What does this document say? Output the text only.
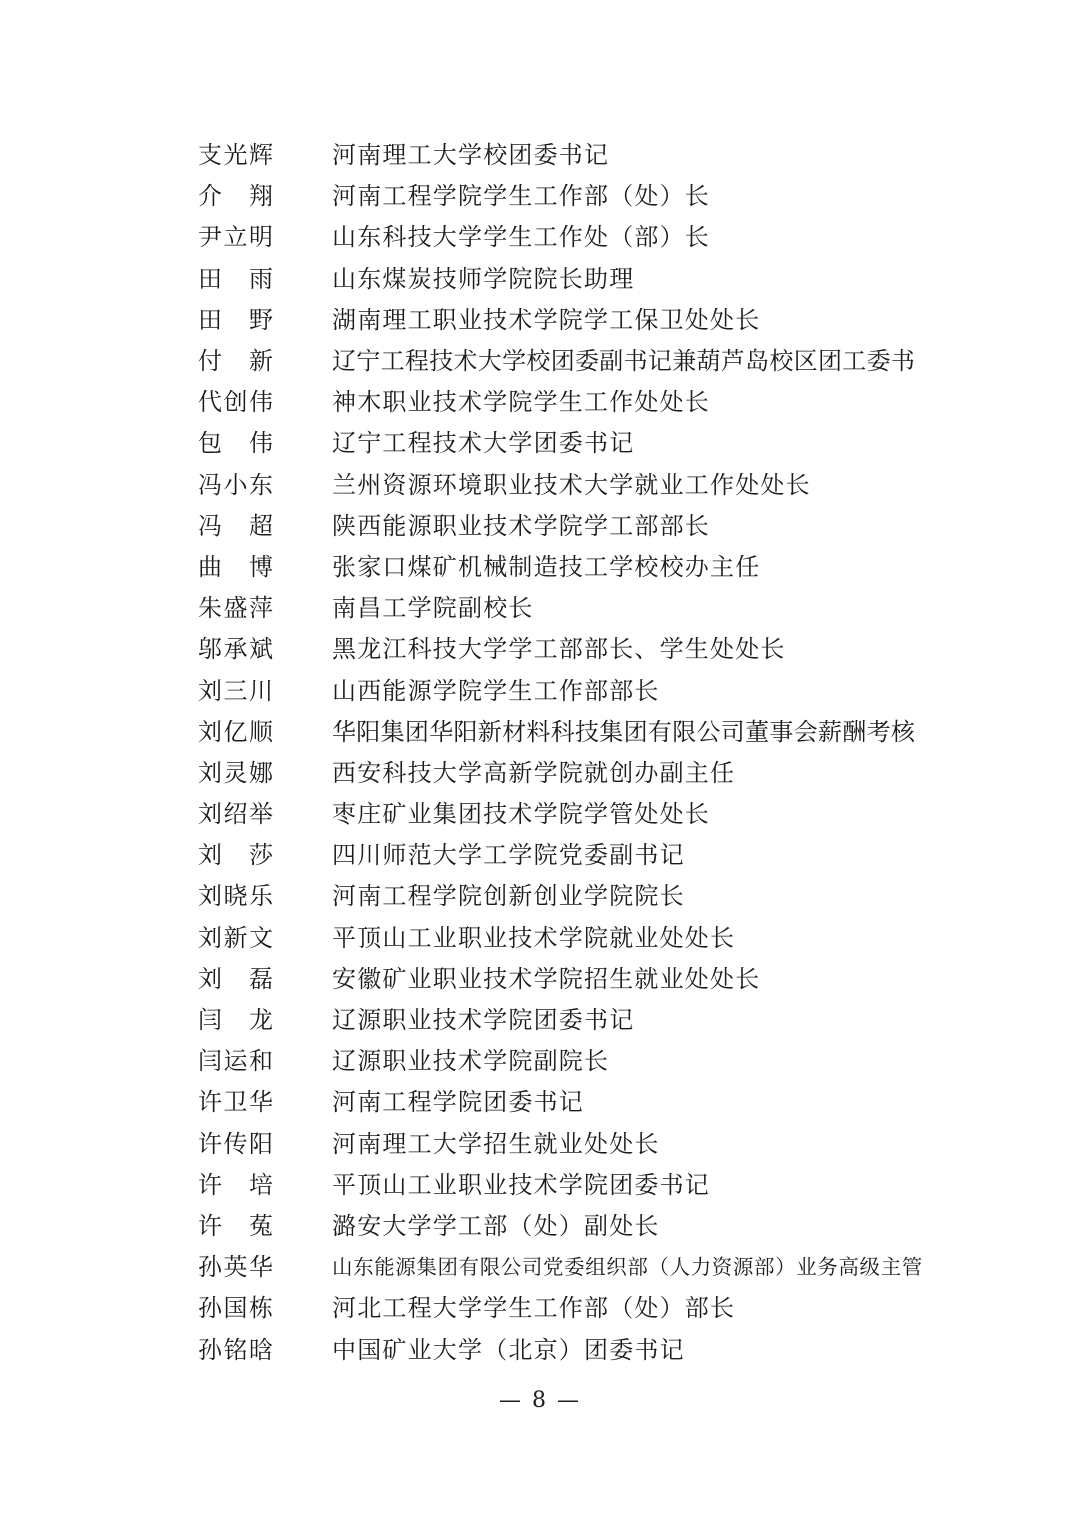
支光辉 河南理工大学校团委书记
介 翔 河南工程学院学生工作部（处）长
尹立明 山东科技大学学生工作处（部）长
田 雨 山东煤炭技师学院院长助理
田 野 湖南理工职业技术学院学工保卫处处长
付 新 辽宁工程技术大学校团委副书记兼葫芦岛校区团工委书
代创伟 神木职业技术学院学生工作处处长
包 伟 辽宁工程技术大学团委书记
冯小东 兰州资源环境职业技术大学就业工作处处长
冯 超 陕西能源职业技术学院学工部部长
曲 博 张家口煤矿机械制造技工学校校办主任
朱盛萍 南昌工学院副校长
邬承斌 黑龙江科技大学学工部部长、学生处处长
刘三川 山西能源学院学生工作部部长
刘亿顺 华阳集团华阳新材料科技集团有限公司董事会薪酬考核
刘灵娜 西安科技大学高新学院就创办副主任
刘绍举 枣庄矿业集团技术学院学管处处长
刘 莎 四川师范大学工学院党委副书记
刘晓乐 河南工程学院创新创业学院院长
刘新文 平顶山工业职业技术学院就业处处长
刘 磊 安徽矿业职业技术学院招生就业处处长
闫 龙 辽源职业技术学院团委书记
闫运和 辽源职业技术学院副院长
许卫华 河南工程学院团委书记
许传阳 河南理工大学招生就业处处长
许 培 平顶山工业职业技术学院团委书记
许 菟 潞安大学学工部（处）副处长
孙英华	山东能源集团有限公司党委组织部（人力资源部）业务高级主管
孙国栋 河北工程大学学生工作部（处）部长
孙铭晗 中国矿业大学（北京）团委书记
— 8 —
